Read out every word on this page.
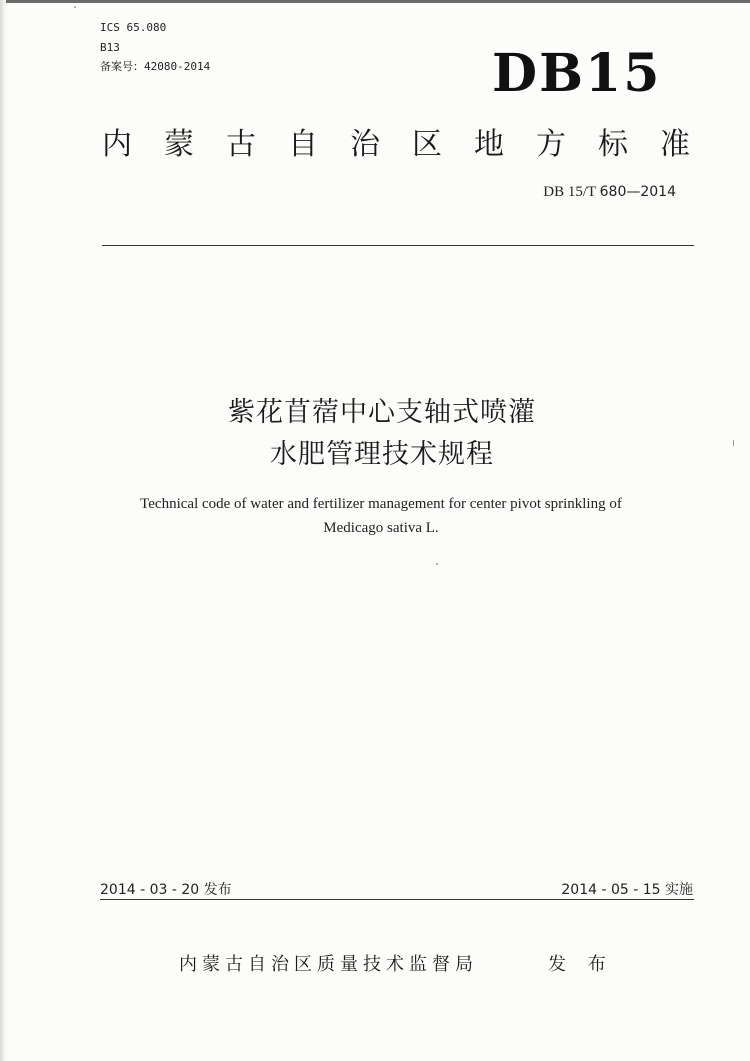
ICS 65.080
B13
备案号：42080-2014	DB15
内蒙古自治区地方标准
DB 15/T 680—2014
紫花苜蓿中心支轴式喷灌
水肥管理技术规程
Technical code of water and fertilizer management for center pivot sprinkling of
Medicago sativa L.
2014 - 03 - 20 发布	2014 - 05 - 15 实施
内蒙古自治区质量技术监督局	发 布
